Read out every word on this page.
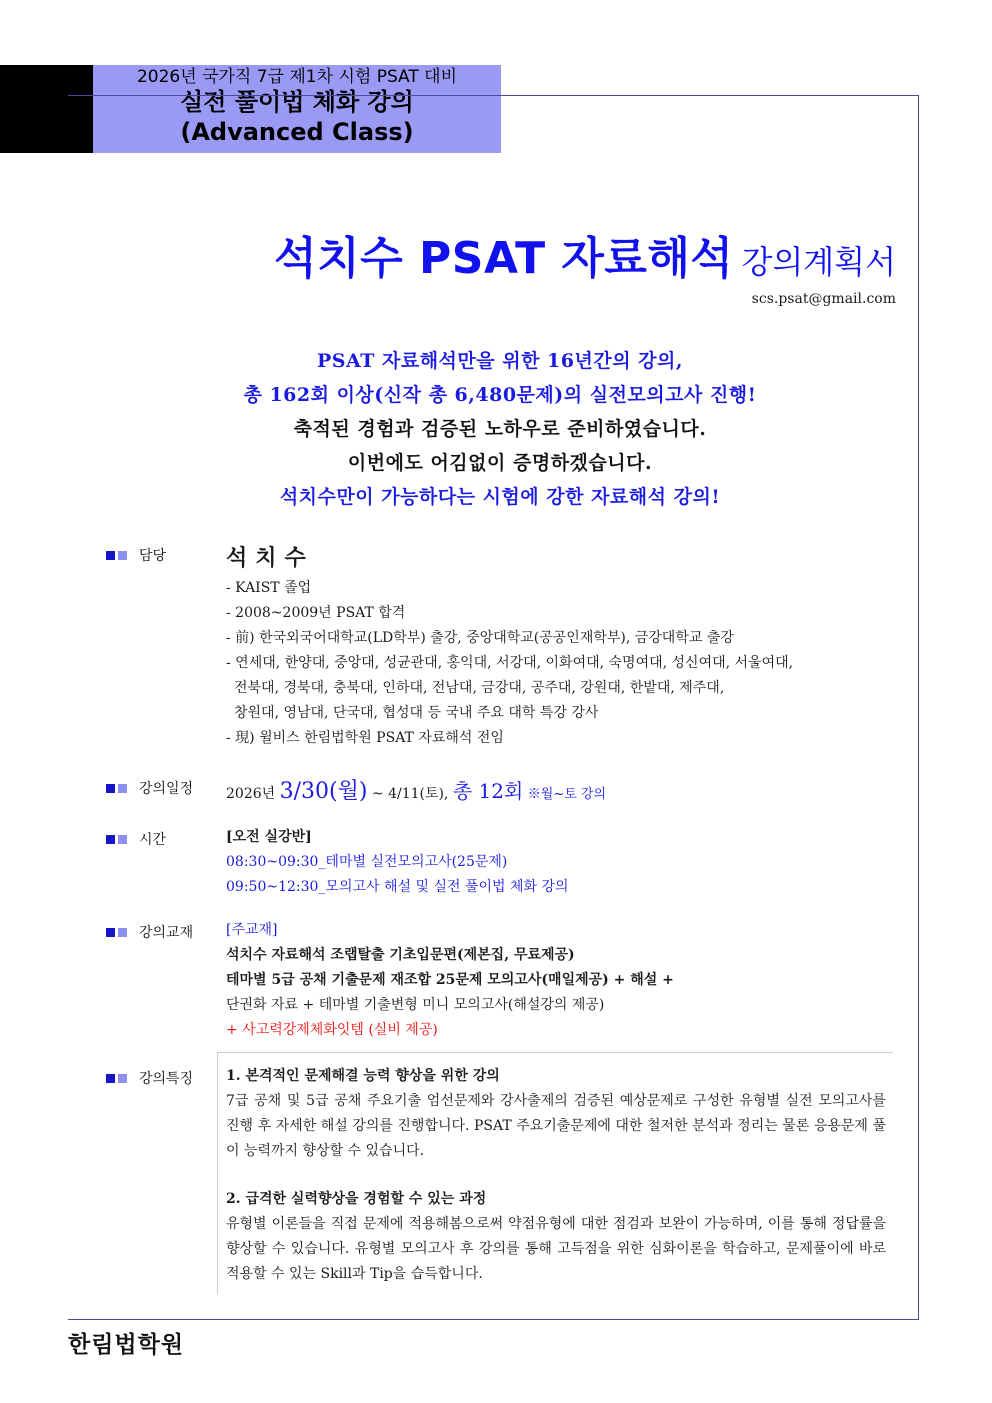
2026년 국가직 7급 제1차 시험 PSAT 대비
실전 풀이법 체화 강의
(Advanced Class)
석치수 PSAT 자료해석 강의계획서
scs.psat@gmail.com
PSAT 자료해석만을 위한 16년간의 강의,
총 162회 이상(신작 총 6,480문제)의 실전모의고사 진행!
축적된 경험과 검증된 노하우로 준비하였습니다.
이번에도 어김없이 증명하겠습니다.
석치수만이 가능하다는 시험에 강한 자료해석 강의!
담당	석치수
- KAIST 졸업
- 2008~2009년 PSAT 합격
- 前) 한국외국어대학교(LD학부) 출강, 중앙대학교(공공인재학부), 금강대학교 출강
- 연세대, 한양대, 중앙대, 성균관대, 홍익대, 서강대, 이화여대, 숙명여대, 성신여대, 서울여대,
전북대, 경북대, 충북대, 인하대, 전남대, 금강대, 공주대, 강원대, 한밭대, 제주대,
창원대, 영남대, 단국대, 협성대 등 국내 주요 대학 특강 강사
- 現) 윌비스 한림법학원 PSAT 자료해석 전임
강의일정 2026년 3/30(월) ~ 4/11(토), 총 12회 ※월~토 강의
시간	[오전 실강반]
08:30~09:30_테마별 실전모의고사(25문제)
09:50~12:30_모의고사 해설 및 실전 풀이법 체화 강의
강의교재 [주교재]
석치수 자료해석 조랩탈출 기초입문편(제본집, 무료제공)
테마별 5급 공채 기출문제 재조합 25문제 모의고사(매일제공) + 해설 +
단권화 자료 + 테마별 기출변형 미니 모의고사(해설강의 제공)
+ 사고력강제체화잇템 (실비 제공)
강의특징 1. 본격적인 문제해결 능력 향상을 위한 강의
7급 공채 및 5급 공채 주요기출 엄선문제와 강사출제의 검증된 예상문제로 구성한 유형별 실전 모의고사를 진행 후 자세한 해설 강의를 진행합니다. PSAT 주요기출문제에 대한 철저한 분석과 정리는 물론 응용문제 풀이 능력까지 향상할 수 있습니다.
2. 급격한 실력향상을 경험할 수 있는 과정
유형별 이론들을 직접 문제에 적용해봄으로써 약점유형에 대한 점검과 보완이 가능하며, 이를 통해 정답률을 향상할 수 있습니다. 유형별 모의고사 후 강의를 통해 고득점을 위한 심화이론을 학습하고, 문제풀이에 바로 적용할 수 있는 Skill과 Tip을 습득합니다.
한림법학원
